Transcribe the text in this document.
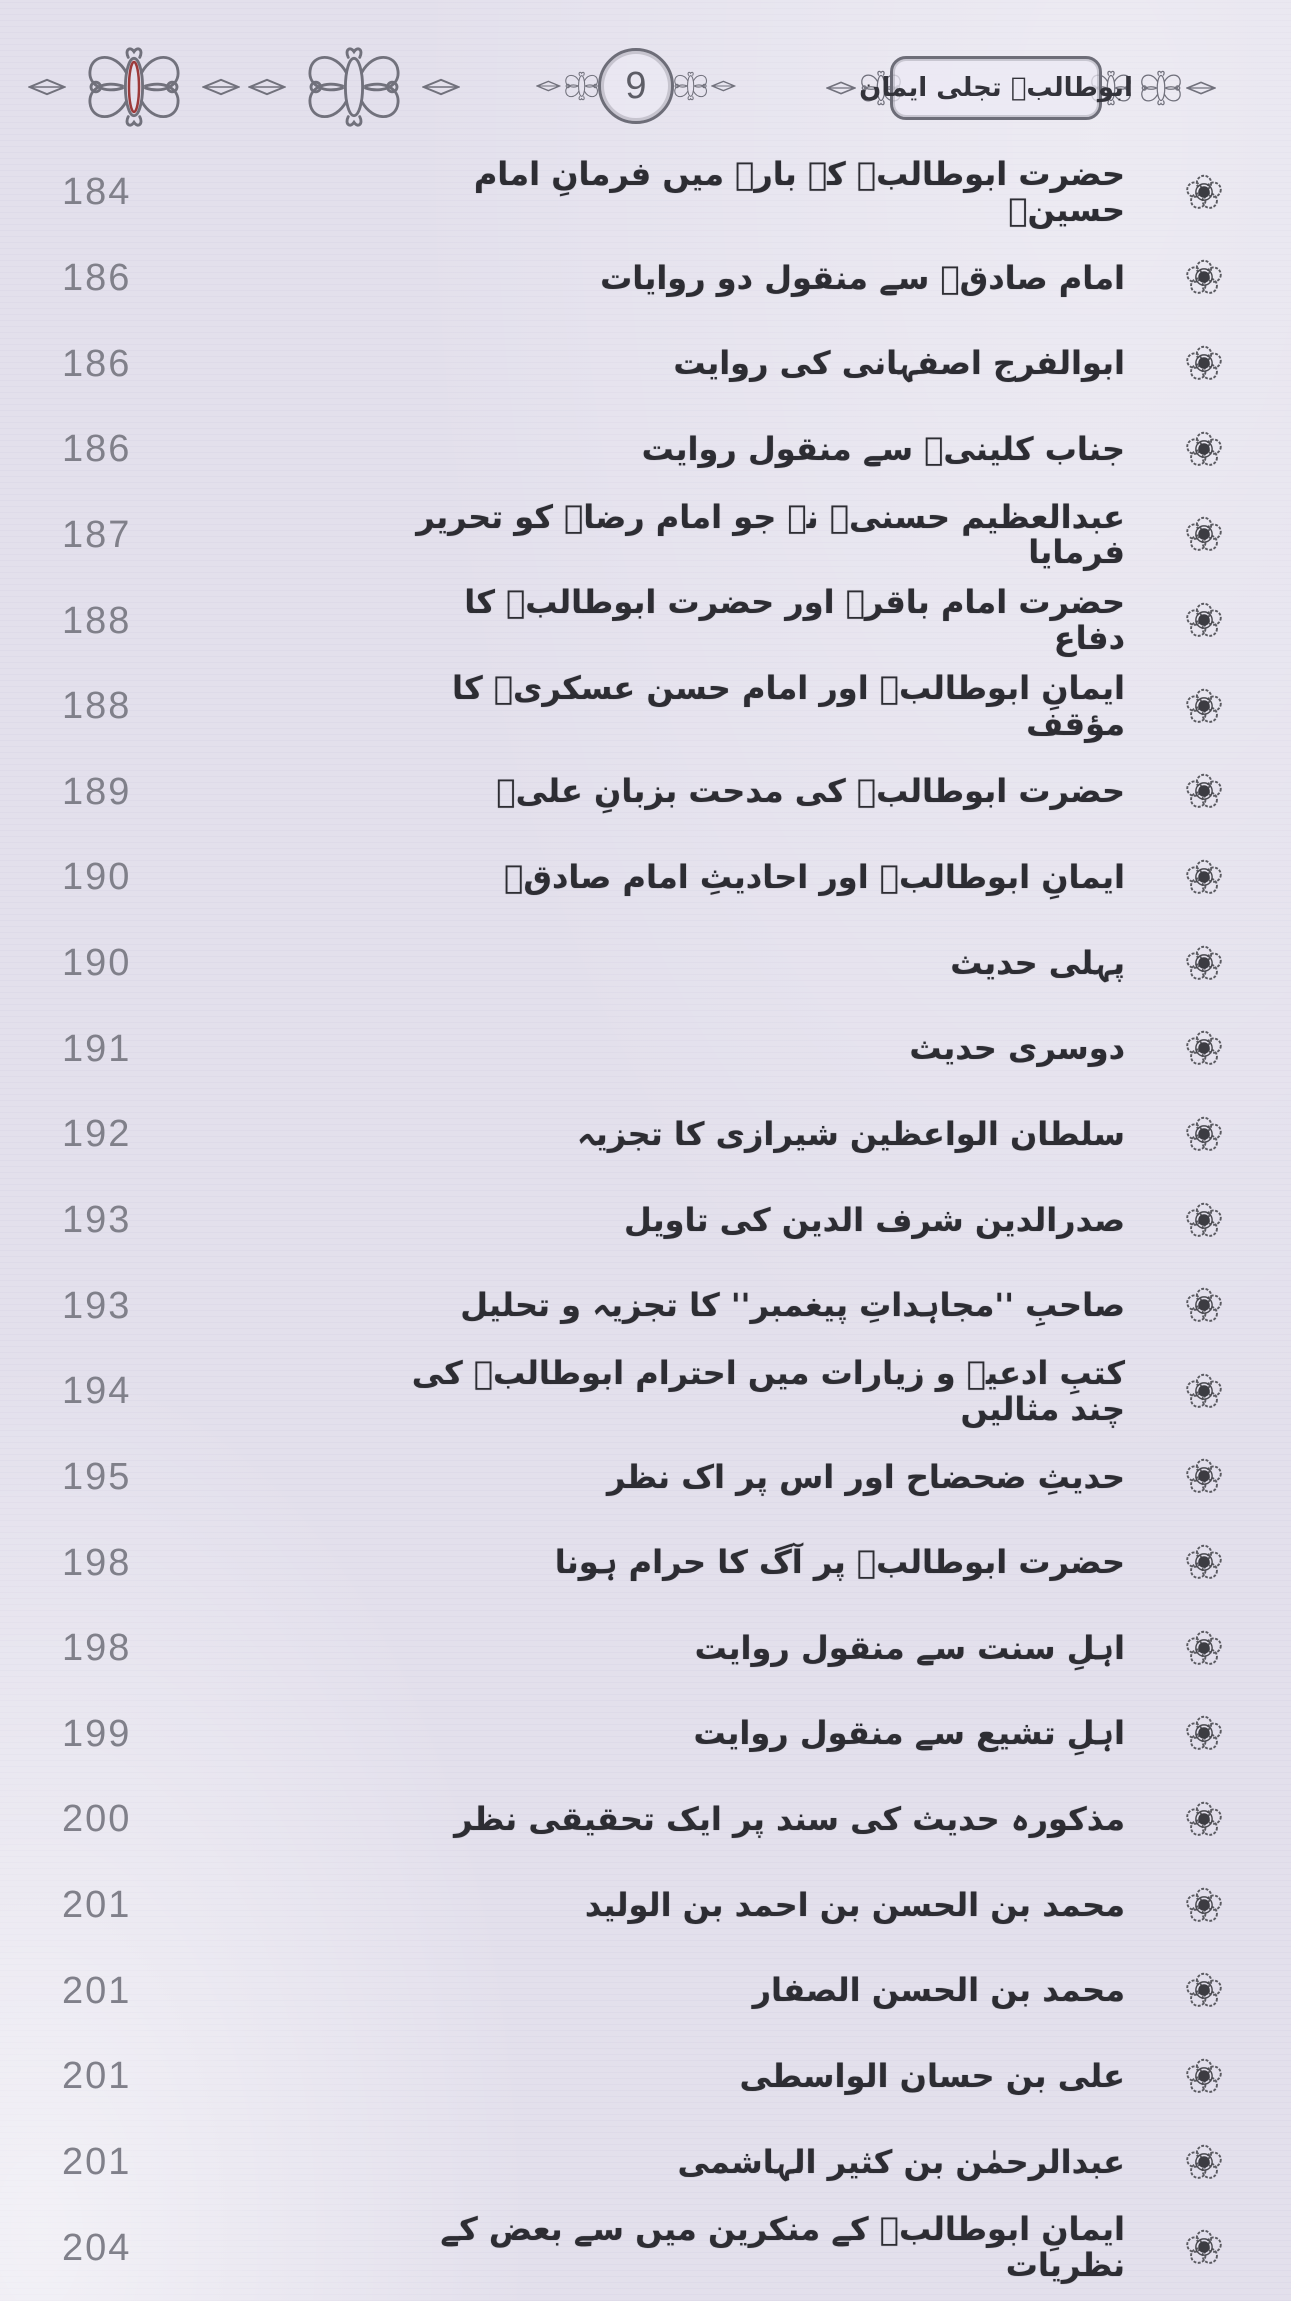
9	ابوطالبؑ تجلی ایمان
184	حضرت ابوطالبؑ کے بارے میں فرمانِ امام حسینؑ
186	امام صادقؑ سے منقول دو روایات
186	ابوالفرج اصفہانی کی روایت
186	جناب کلینیؒ سے منقول روایت
187	عبدالعظیم حسنیؒ نے جو امام رضاؑ کو تحریر فرمایا
188	حضرت امام باقرؑ اور حضرت ابوطالبؑ کا دفاع
188	ایمانِ ابوطالبؑ اور امام حسن عسکریؑ کا مؤقف
189	حضرت ابوطالبؑ کی مدحت بزبانِ علیؑ
190	ایمانِ ابوطالبؑ اور احادیثِ امام صادقؑ
190	پہلی حدیث
191	دوسری حدیث
192	سلطان الواعظین شیرازی کا تجزیہ
193	صدرالدین شرف الدین کی تاویل
193	صاحبِ ''مجاہداتِ پیغمبر'' کا تجزیہ و تحلیل
194	کتبِ ادعیہ و زیارات میں احترام ابوطالبؑ کی چند مثالیں
195	حدیثِ ضحضاح اور اس پر اک نظر
198	حضرت ابوطالبؑ پر آگ کا حرام ہونا
198	اہلِ سنت سے منقول روایت
199	اہلِ تشیع سے منقول روایت
200	مذکورہ حدیث کی سند پر ایک تحقیقی نظر
201	محمد بن الحسن بن احمد بن الولید
201	محمد بن الحسن الصفار
201	علی بن حسان الواسطی
201	عبدالرحمٰن بن کثیر الہاشمی
204	ایمانِ ابوطالبؑ کے منکرین میں سے بعض کے نظریات
